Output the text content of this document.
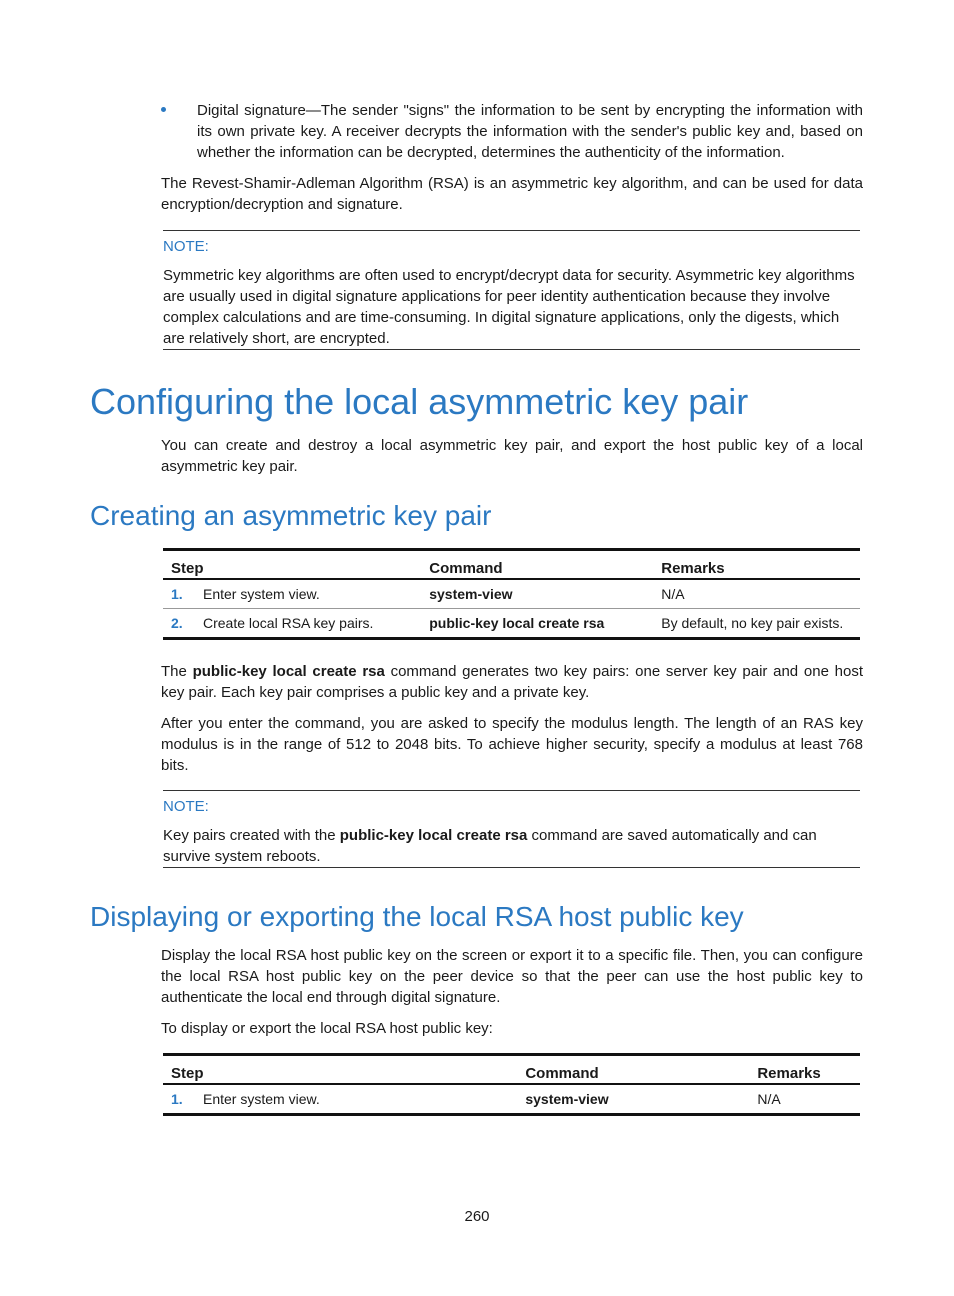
Digital signature—The sender "signs" the information to be sent by encrypting the information with its own private key. A receiver decrypts the information with the sender's public key and, based on whether the information can be decrypted, determines the authenticity of the information.

The Revest-Shamir-Adleman Algorithm (RSA) is an asymmetric key algorithm, and can be used for data encryption/decryption and signature.

NOTE:

Symmetric key algorithms are often used to encrypt/decrypt data for security. Asymmetric key algorithms are usually used in digital signature applications for peer identity authentication because they involve complex calculations and are time-consuming. In digital signature applications, only the digests, which are relatively short, are encrypted.

Configuring the local asymmetric key pair

You can create and destroy a local asymmetric key pair, and export the host public key of a local asymmetric key pair.

Creating an asymmetric key pair
Step		Command	Remarks
1.	Enter system view.	system-view	N/A
2.	Create local RSA key pairs.	public-key local create rsa	By default, no key pair exists.

The public-key local create rsa command generates two key pairs: one server key pair and one host key pair. Each key pair comprises a public key and a private key.

After you enter the command, you are asked to specify the modulus length. The length of an RAS key modulus is in the range of 512 to 2048 bits. To achieve higher security, specify a modulus at least 768 bits.

NOTE:

Key pairs created with the public-key local create rsa command are saved automatically and can survive system reboots.

Displaying or exporting the local RSA host public key

Display the local RSA host public key on the screen or export it to a specific file. Then, you can configure the local RSA host public key on the peer device so that the peer can use the host public key to authenticate the local end through digital signature.

To display or export the local RSA host public key:

Step		Command	Remarks
1.	Enter system view.	system-view	N/A

260
